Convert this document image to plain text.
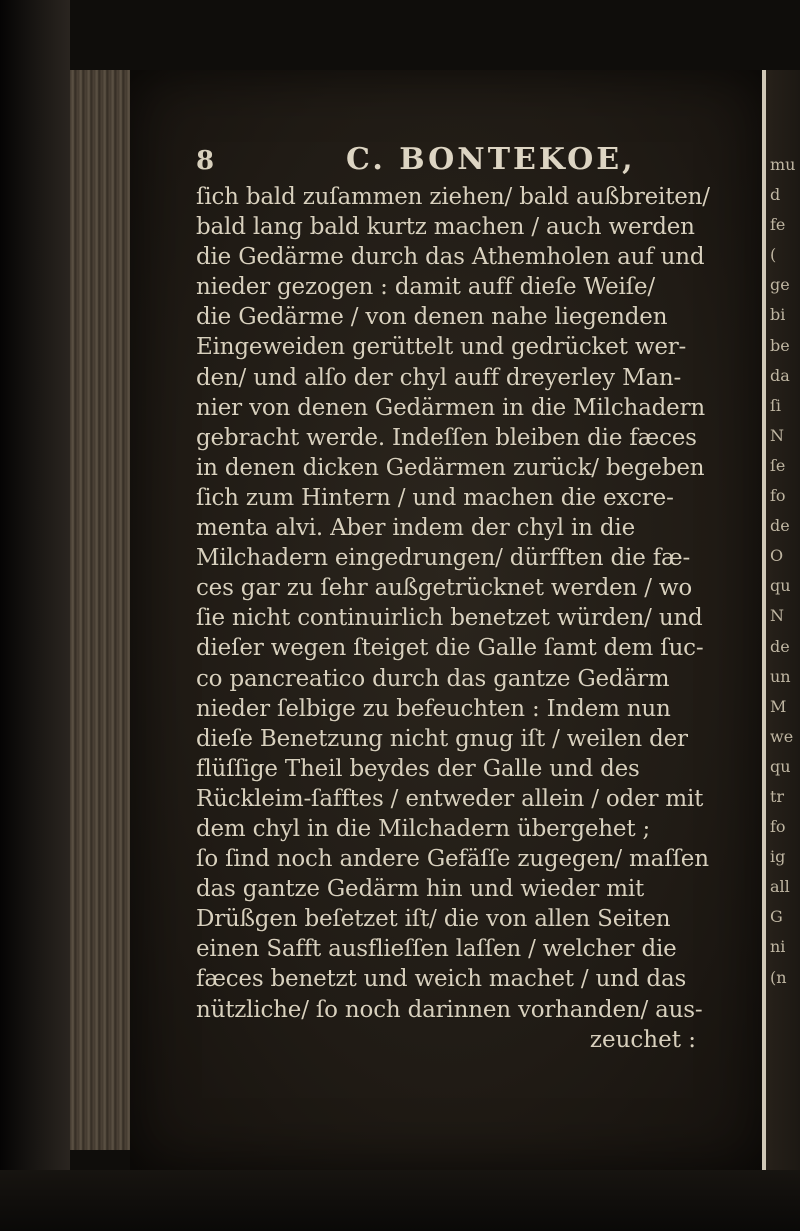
8	C. BONTEKOE,
ſich bald zuſammen ziehen/ bald außbreiten/
bald lang bald kurtz machen / auch werden
die Gedärme durch das Athemholen auf und
nieder gezogen : damit auff dieſe Weiſe/
die Gedärme / von denen nahe liegenden
Eingeweiden gerüttelt und gedrücket wer-
den/ und alſo der chyl auff dreyerley Man-
nier von denen Gedärmen in die Milchadern
gebracht werde. Indeſſen bleiben die fæces
in denen dicken Gedärmen zurück/ begeben
ſich zum Hintern / und machen die excre-
menta alvi. Aber indem der chyl in die
Milchadern eingedrungen/ dürfften die fæ-
ces gar zu ſehr außgetrücknet werden / wo
ſie nicht continuirlich benetzet würden/ und
dieſer wegen ſteiget die Galle ſamt dem ſuc-
co pancreatico durch das gantze Gedärm
nieder ſelbige zu befeuchten : Indem nun
dieſe Benetzung nicht gnug iſt / weilen der
flüſſige Theil beydes der Galle und des
Rückleim-ſafftes / entweder allein / oder mit
dem chyl in die Milchadern übergehet ;
ſo ſind noch andere Gefäſſe zugegen/ maſſen
das gantze Gedärm hin und wieder mit
Drüßgen beſetzet iſt/ die von allen Seiten
einen Safft ausflieſſen laſſen / welcher die
fæces benetzt und weich machet / und das
nützliche/ ſo noch darinnen vorhanden/ aus-
zeuchet :
mu
d
fe
(
ge
bi
be
da
ſi
N
ſe
fo
de
O
qu
N
de
un
M
we
qu
tr
fo
ig
all
G
ni
(n
